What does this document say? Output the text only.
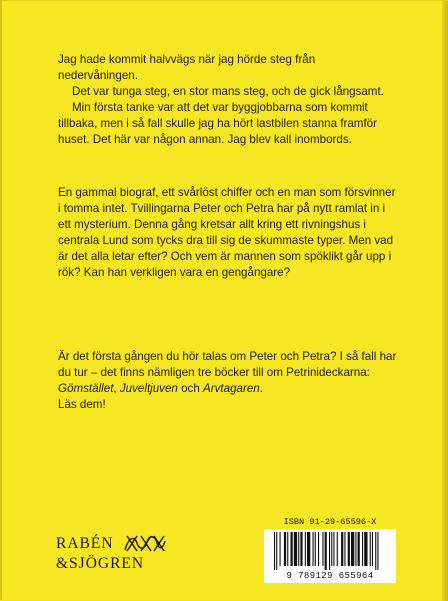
Jag hade kommit halvvägs när jag hörde steg från nedervåningen.

Det var tunga steg, en stor mans steg, och de gick långsamt.

Min första tanke var att det var byggjobbarna som kommit tillbaka, men i så fall skulle jag ha hört lastbilen stanna framför huset. Det här var någon annan. Jag blev kall inombords.

En gammal biograf, ett svårlöst chiffer och en man som försvinner i tomma intet. Tvillingarna Peter och Petra har på nytt ramlat in i ett mysterium. Denna gång kretsar allt kring ett rivningshus i centrala Lund som tycks dra till sig de skummaste typer. Men vad är det alla letar efter? Och vem är mannen som spöklikt går upp i rök? Kan han verkligen vara en gengångare?

Är det första gången du hör talas om Peter och Petra? I så fall har du tur – det finns nämligen tre böcker till om Petrinideckarna: Gömstället, Juveltjuven och Arvtagaren.

Läs dem!

RABÉN
&SJÖGREN
ISBN 91-29-65596-X
9 789129 655964
